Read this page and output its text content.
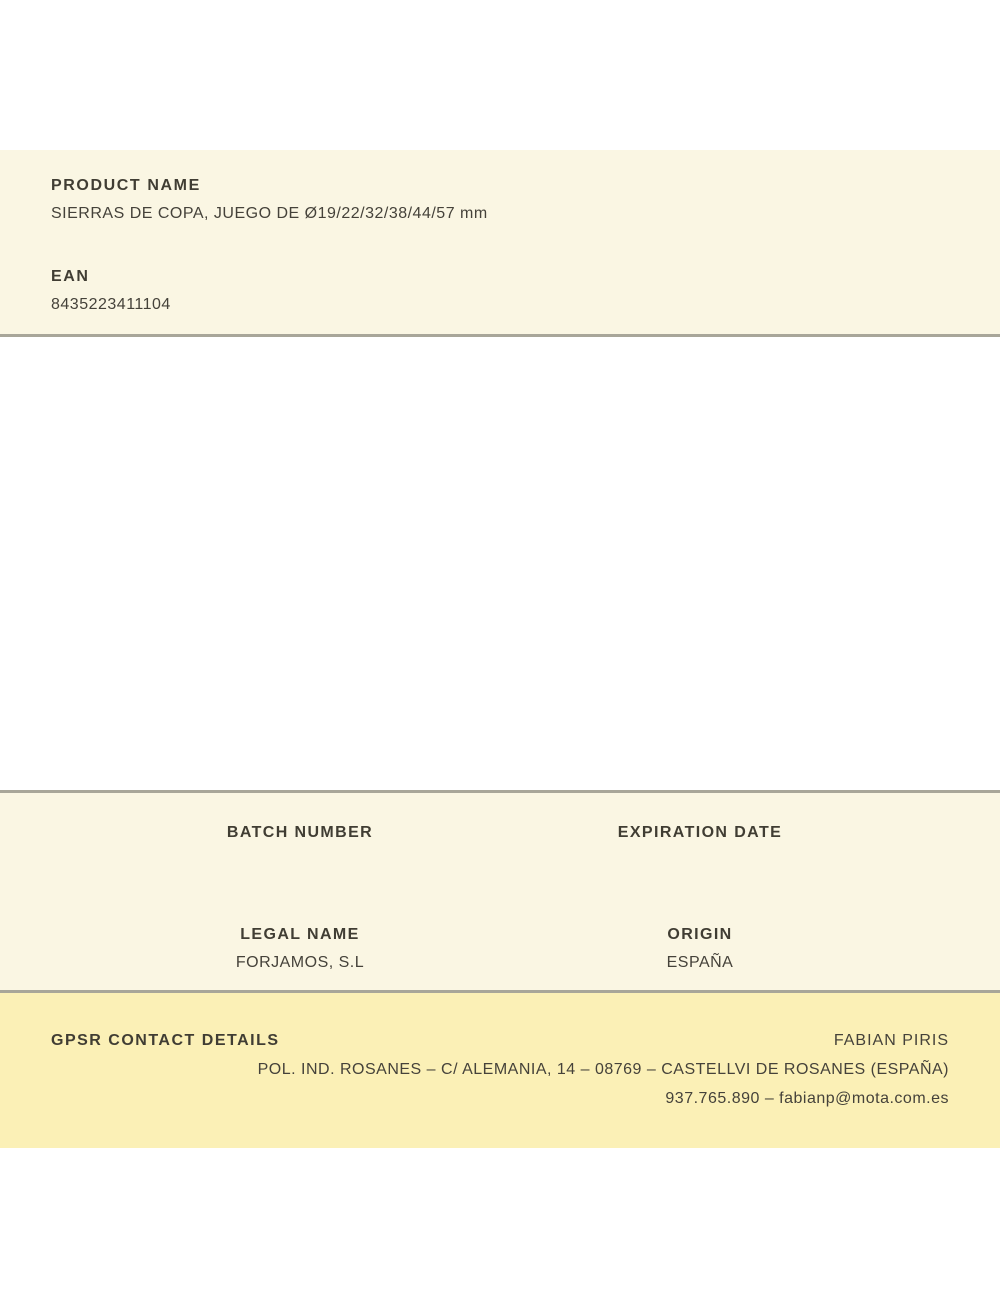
PRODUCT NAME
SIERRAS DE COPA, JUEGO DE Ø19/22/32/38/44/57 mm
EAN
8435223411104
BATCH NUMBER
LEGAL NAME
FORJAMOS, S.L
EXPIRATION DATE
ORIGIN
ESPAÑA
GPSR CONTACT DETAILS	FABIAN PIRIS
POL. IND. ROSANES – C/ ALEMANIA, 14 – 08769 – CASTELLVI DE ROSANES (ESPAÑA)
937.765.890 – fabianp@mota.com.es
